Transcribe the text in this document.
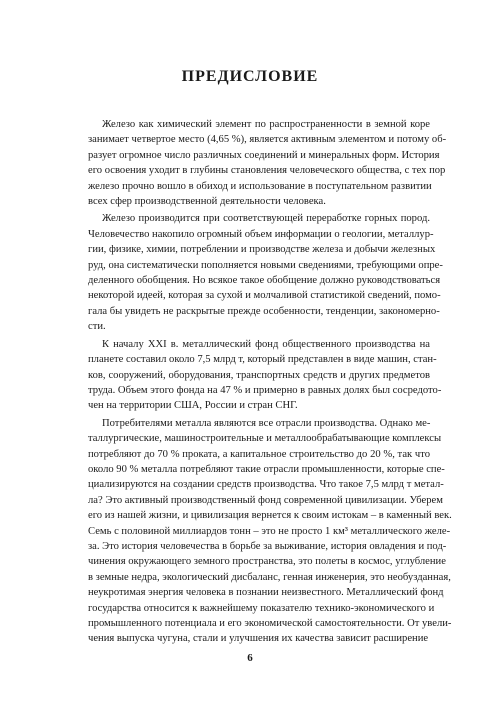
ПРЕДИСЛОВИЕ
Железо как химический элемент по распространенности в земной коре
занимает четвертое место (4,65 %), является активным элементом и потому об-
разует огромное число различных соединений и минеральных форм. История
его освоения уходит в глубины становления человеческого общества, с тех пор
железо прочно вошло в обиход и использование в поступательном развитии
всех сфер производственной деятельности человека.
Железо производится при соответствующей переработке горных пород.
Человечество накопило огромный объем информации о геологии, металлур-
гии, физике, химии, потреблении и производстве железа и добычи железных
руд, она систематически пополняется новыми сведениями, требующими опре-
деленного обобщения. Но всякое такое обобщение должно руководствоваться
некоторой идеей, которая за сухой и молчаливой статистикой сведений, помо-
гала бы увидеть не раскрытые прежде особенности, тенденции, закономерно-
сти.
К началу XXI в. металлический фонд общественного производства на
планете составил около 7,5 млрд т, который представлен в виде машин, стан-
ков, сооружений, оборудования, транспортных средств и других предметов
труда. Объем этого фонда на 47 % и примерно в равных долях был сосредото-
чен на территории США, России и стран СНГ.
Потребителями металла являются все отрасли производства. Однако ме-
таллургические, машиностроительные и металлообрабатывающие комплексы
потребляют до 70 % проката, а капитальное строительство до 20 %, так что
около 90 % металла потребляют такие отрасли промышленности, которые спе-
циализируются на создании средств производства. Что такое 7,5 млрд т метал-
ла? Это активный производственный фонд современной цивилизации. Уберем
его из нашей жизни, и цивилизация вернется к своим истокам – в каменный век.
Семь с половиной миллиардов тонн – это не просто 1 км³ металлического желе-
за. Это история человечества в борьбе за выживание, история овладения и под-
чинения окружающего земного пространства, это полеты в космос, углубление
в земные недра, экологический дисбаланс, генная инженерия, это необузданная,
неукротимая энергия человека в познании неизвестного. Металлический фонд
государства относится к важнейшему показателю технико-экономического и
промышленного потенциала и его экономической самостоятельности. От увели-
чения выпуска чугуна, стали и улучшения их качества зависит расширение
6
